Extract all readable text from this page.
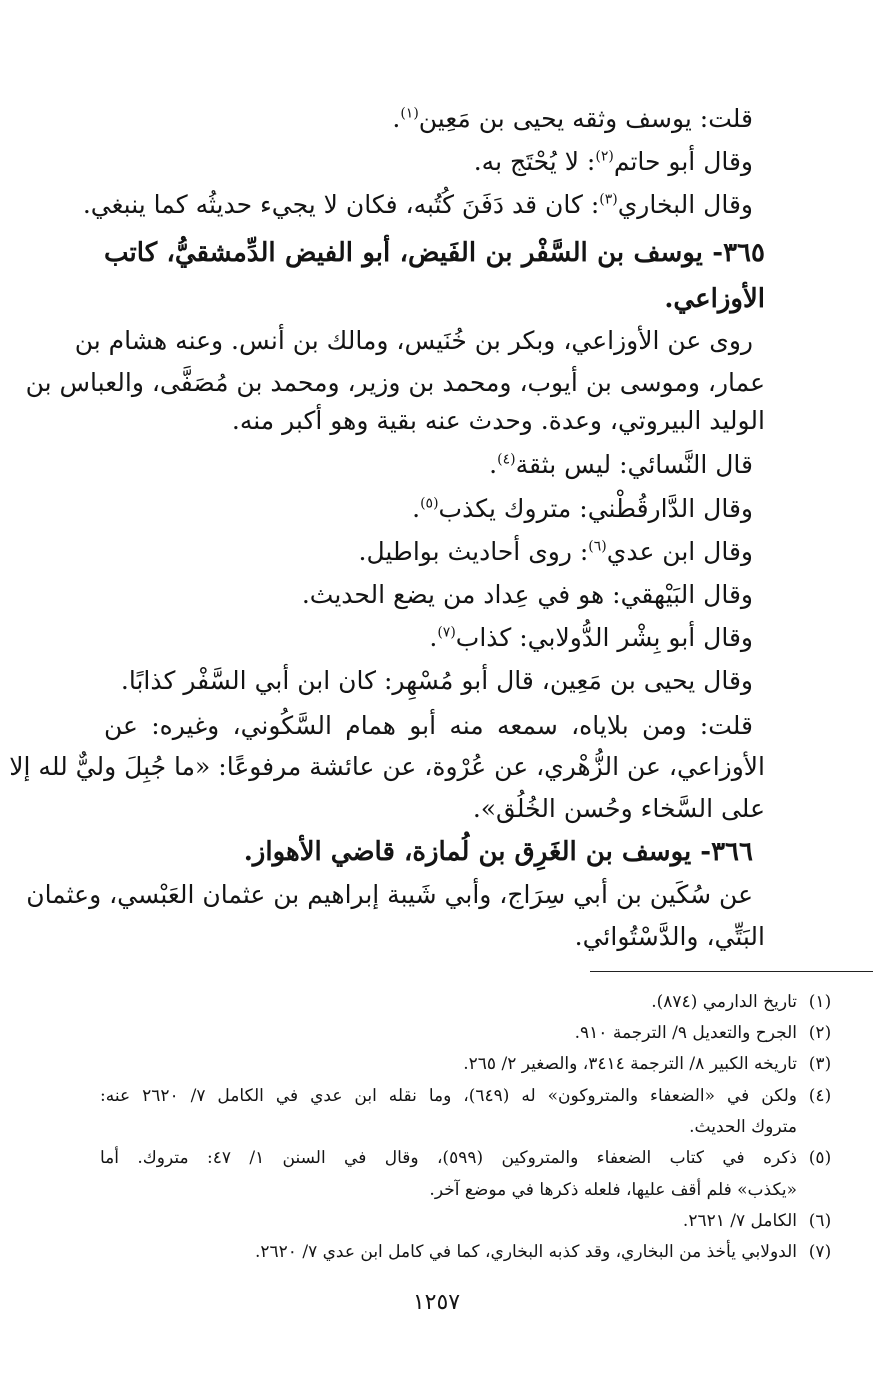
قلت: يوسف وثقه يحيى بن مَعِين$^{(١)}$.
وقال أبو حاتم$^{(٢)}$: لا يُحْتَج به.
وقال البخاري$^{(٣)}$: كان قد دَفَنَ كُتُبه، فكان لا يجيء حديثُه كما ينبغي.
٣٦٥- يوسف بن السَّفْر بن الفَيض، أبو الفيض الدِّمشقيُّ، كاتب
الأوزاعي.
روى عن الأوزاعي، وبكر بن خُنَيس، ومالك بن أنس. وعنه هشام بن
عمار، وموسى بن أيوب، ومحمد بن وزير، ومحمد بن مُصَفَّى، والعباس بن
الوليد البيروتي، وعدة. وحدث عنه بقية وهو أكبر منه.
قال النَّسائي: ليس بثقة$^{(٤)}$.
وقال الدَّارقُطْني: متروك يكذب$^{(٥)}$.
وقال ابن عدي$^{(٦)}$: روى أحاديث بواطيل.
وقال البَيْهقي: هو في عِداد من يضع الحديث.
وقال أبو بِشْر الدُّولابي: كذاب$^{(٧)}$.
وقال يحيى بن مَعِين، قال أبو مُسْهِر: كان ابن أبي السَّفْر كذابًا.
قلت: ومن بلاياه، سمعه منه أبو همام السَّكُوني، وغيره: عن
الأوزاعي، عن الزُّهْري، عن عُرْوة، عن عائشة مرفوعًا: «ما جُبِلَ وليٌّ لله إلا
على السَّخاء وحُسن الخُلُق».
٣٦٦- يوسف بن الغَرِق بن لُمازة، قاضي الأهواز.
عن سُكَين بن أبي سِرَاج، وأبي شَيبة إبراهيم بن عثمان العَبْسي، وعثمان
البَتِّي، والدَّسْتُوائي.
(١)
تاريخ الدارمي (٨٧٤).
(٢)
الجرح والتعديل ٩/ الترجمة ٩١٠.
(٣)
تاريخه الكبير ٨/ الترجمة ٣٤١٤، والصغير ٢/ ٢٦٥.
(٤)
ولكن في «الضعفاء والمتروكون» له (٦٤٩)، وما نقله ابن عدي في الكامل ٧/ ٢٦٢٠ عنه:
متروك الحديث.
(٥)
ذكره في كتاب الضعفاء والمتروكين (٥٩٩)، وقال في السنن ١/ ٤٧: متروك. أما
«يكذب» فلم أقف عليها، فلعله ذكرها في موضع آخر.
(٦)
الكامل ٧/ ٢٦٢١.
(٧)
الدولابي يأخذ من البخاري، وقد كذبه البخاري، كما في كامل ابن عدي ٧/ ٢٦٢٠.
١٢٥٧
